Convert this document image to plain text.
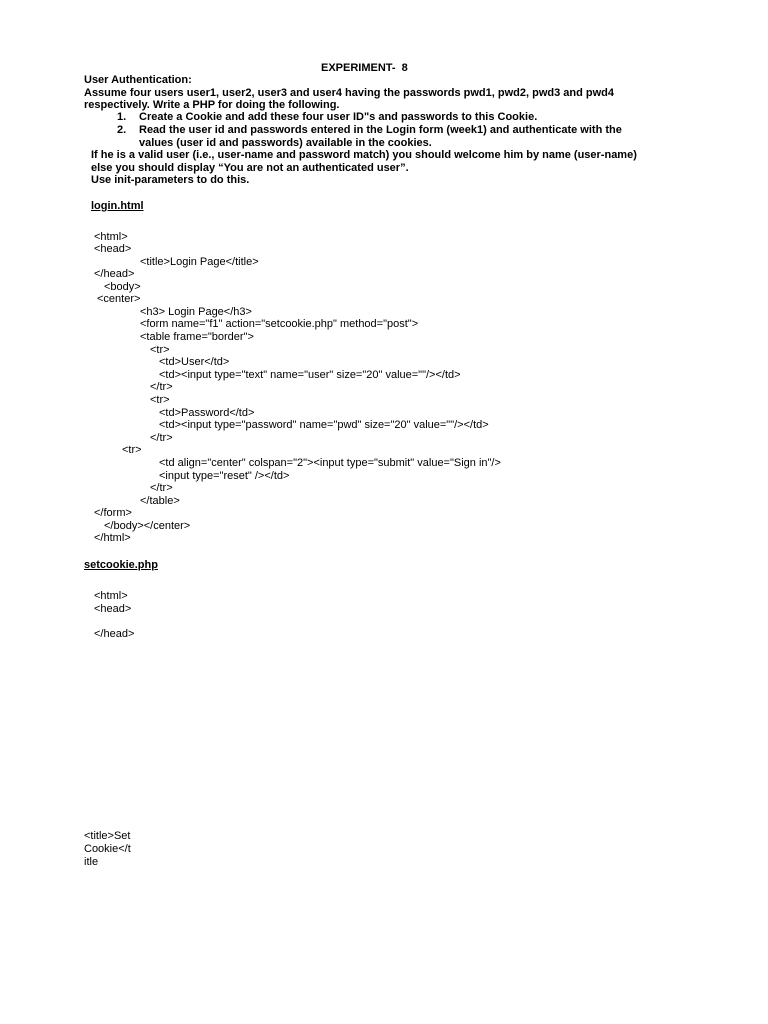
EXPERIMENT-  8
User Authentication:
Assume four users user1, user2, user3 and user4 having the passwords pwd1, pwd2, pwd3 and pwd4
respectively. Write a PHP for doing the following.
1. Create a Cookie and add these four user ID"s and passwords to this Cookie.
2. Read the user id and passwords entered in the Login form (week1) and authenticate with the
values (user id and passwords) available in the cookies.
If he is a valid user (i.e., user-name and password match) you should welcome him by name (user-name)
else you should display “You are not an authenticated user”.
Use init-parameters to do this.
login.html
<html>
<head>
<title>Login Page</title>
</head>
<body>
<center>
<h3> Login Page</h3>
<form name="f1" action="setcookie.php" method="post">
<table frame="border">
<tr>
<td>User</td>
<td><input type="text" name="user" size="20" value=""/></td>
</tr>
<tr>
<td>Password</td>
<td><input type="password" name="pwd" size="20" value=""/></td>
</tr>
<tr>
<td align="center" colspan="2"><input type="submit" value="Sign in"/>
<input type="reset" /></td>
</tr>
</table>
</form>
</body></center>
</html>
setcookie.php
<html>
<head>
</head>
<title>Set
Cookie</t
itle
